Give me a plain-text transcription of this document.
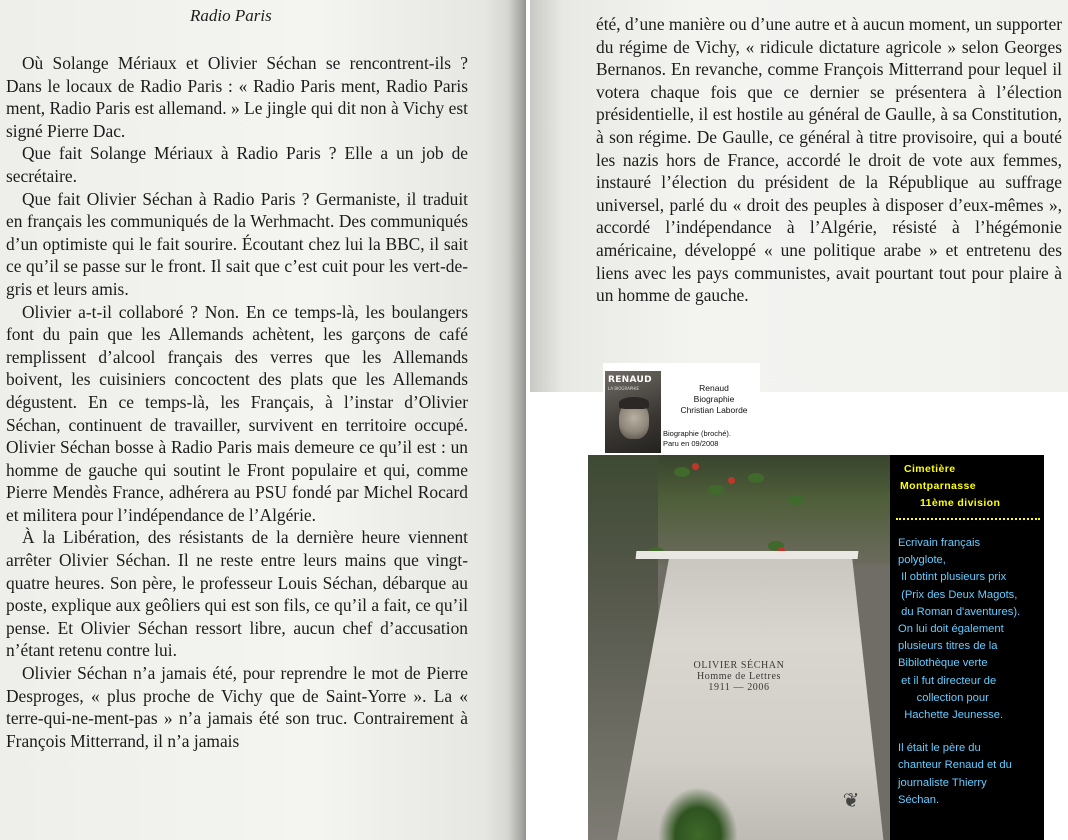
Radio Paris

Où Solange Mériaux et Olivier Séchan se rencontrent-ils ? Dans le locaux de Radio Paris : « Radio Paris ment, Radio Paris ment, Radio Paris est allemand. » Le jingle qui dit non à Vichy est signé Pierre Dac.

Que fait Solange Mériaux à Radio Paris ? Elle a un job de secrétaire.

Que fait Olivier Séchan à Radio Paris ? Germaniste, il traduit en français les communiqués de la Werhmacht. Des communiqués d’un optimiste qui le fait sourire. Écoutant chez lui la BBC, il sait ce qu’il se passe sur le front. Il sait que c’est cuit pour les vert-de-gris et leurs amis.

Olivier a-t-il collaboré ? Non. En ce temps-là, les boulangers font du pain que les Allemands achètent, les garçons de café remplissent d’alcool français des verres que les Allemands boivent, les cuisiniers concoctent des plats que les Allemands dégustent. En ce temps-là, les Français, à l’instar d’Olivier Séchan, continuent de travailler, survivent en territoire occupé. Olivier Séchan bosse à Radio Paris mais demeure ce qu’il est : un homme de gauche qui soutint le Front populaire et qui, comme Pierre Mendès France, adhérera au PSU fondé par Michel Rocard et militera pour l’indépendance de l’Algérie.

À la Libération, des résistants de la dernière heure viennent arrêter Olivier Séchan. Il ne reste entre leurs mains que vingt-quatre heures. Son père, le professeur Louis Séchan, débarque au poste, explique aux geôliers qui est son fils, ce qu’il a fait, ce qu’il pense. Et Olivier Séchan ressort libre, aucun chef d’accusation n’étant retenu contre lui.

Olivier Séchan n’a jamais été, pour reprendre le mot de Pierre Desproges, « plus proche de Vichy que de Saint-Yorre ». La « terre-qui-ne-ment-pas » n’a jamais été son truc. Contrairement à François Mitterrand, il n’a jamais

été, d’une manière ou d’une autre et à aucun moment, un supporter du régime de Vichy, « ridicule dictature agricole » selon Georges Bernanos. En revanche, comme François Mitterrand pour lequel il votera chaque fois que ce dernier se présentera à l’élection présidentielle, il est hostile au général de Gaulle, à sa Constitution, à son régime. De Gaulle, ce général à titre provisoire, qui a bouté les nazis hors de France, accordé le droit de vote aux femmes, instauré l’élection du président de la République au suffrage universel, parlé du « droit des peuples à disposer d’eux-mêmes », accordé l’indépendance à l’Algérie, résisté à l’hégémonie américaine, développé « une politique arabe » et entretenu des liens avec les pays communistes, avait pourtant tout pour plaire à un homme de gauche.
RENAUD
LA BIOGRAPHIE	Renaud
Biographie
Christian Laborde
Biographie (broché).
Paru en 09/2008
OLIVIER SÉCHAN
Homme de Lettres
1911 — 2006
❦
Cimetière
Montparnasse
11ème division
Ecrivain français
polyglote,
Il obtint plusieurs prix
(Prix des Deux Magots,
du Roman d'aventures).
On lui doit également
plusieurs titres de la
Bibilothèque verte
et il fut directeur de
collection pour
Hachette Jeunesse.
Il était le père du
chanteur Renaud et du
journaliste Thierry
Séchan.
